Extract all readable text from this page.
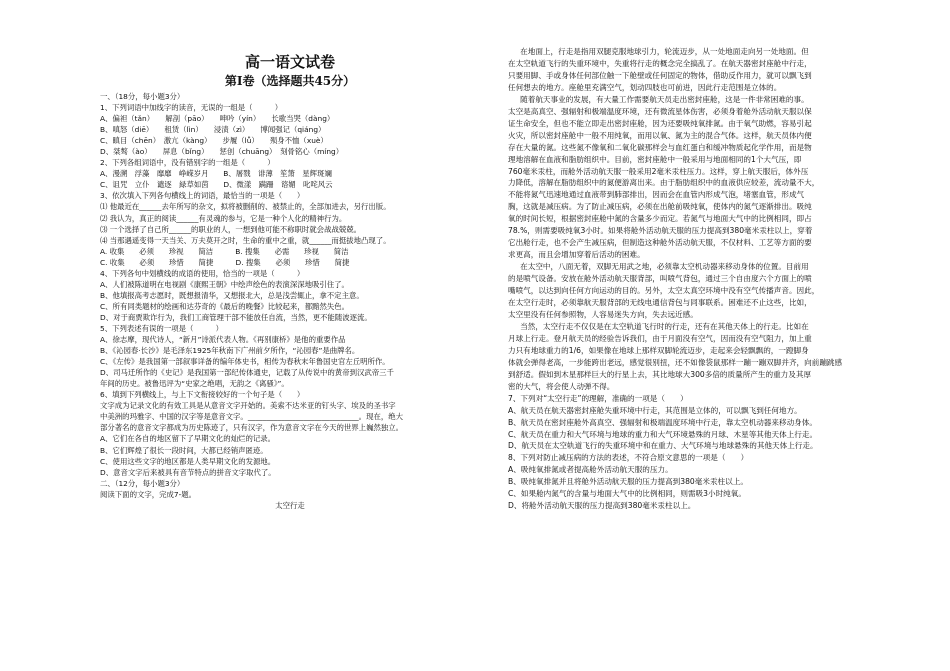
高一语文试卷

第Ⅰ卷（选择题共45分）

一、（18分，每小题3分）

1、下列词语中加线字的读音，无误的一组是（　　　）

A、偏袒（tǎn）　　解剖（pāo）　　呻吟（yín）　　长歌当哭（dàng）

B、嗔怒（diē）　　租赁（lìn）　　浸渍（zì）　　博闻强记（qiáng）

C、瞋目（chēn）　激亢（kàng）　　步履（lǚ）　　殒身不恤（xuè）

D、桀骜（ào）　　屏息（bǐng）　　惩创（chuāng）　刻骨铭心（míng）

2、下列各组词语中，没有错别字的一组是（　　　）

A、漫溯　浮藻　靡靡　峥嵘岁月　　B、屠戮　诽薄　笙箫　星辉斑斓

C、诅咒　立仆　谴逐　緑草如茵　　D、微漾　蹒跚　谘媚　叱咤风云

3、依次填入下列各句横线上的词语，最恰当的一项是（　　）

⑴ 他最近在______去年所写的杂文，拟将被删削的、被禁止的，全部加进去，另行出版。

⑵ 我认为，真正的阅读______有灵魂的参与，它是一种个人化的精神行为。

⑶ 一个选择了自己所______的职业的人，一想到他可能不称职时就会战战兢兢。

⑷ 当那遇遥变得一天当关、万夫莫开之时，生命的重中之重，就______而挺拔地凸现了。

A. 收集　　必须　　珍视　　简洁　　　B. 搜集　　必需　　珍视　　简洁

C. 收集　　必须　　珍惜　　简捷　　　D. 搜集　　必须　　珍惜　　简捷

4、下列各句中划横线的成语的使用，恰当的一项是（　　　）

A、人们被陈道明在电视剧《康熙王朝》中绘声绘色的表演深深地吸引住了。

B、他填报高考志愿时，既想报清华，又想报北大，总是浅尝辄止，拿不定主意。

C、所有同类题材的绘画和达芬奇的《最后的晚餐》比较起来，都黯然失色。

D、对于商贾欺诈行为，我们工商管理干部不能放任自流，当然，更不能随波逐流。

5、下列表述有误的一项是（　　　）

A、徐志摩，现代诗人，“新月”诗派代表人物。《再别康桥》是他的重要作品

B、《沁园春·长沙》是毛泽东1925年秋南下广州前夕所作，“沁园春”是曲牌名。

C、《左传》是我国第一部叙事详备的编年体史书，相传为春秋末年鲁国史官左丘明所作。

D、司马迁所作的《史记》是我国第一部纪传体通史，记载了从传说中的黄帝到汉武帝三千

年间的历史。被鲁迅评为“史家之绝唱，无韵之《离骚》”。

6、填到下列横线上，与上下文衔接较好的一个句子是（　　）

文字成为记录文化的有效工具是从意音文字开始的。美索不达米亚的钉头字、埃及的圣书字

中美洲的玛雅字、中国的汉字等是意音文字。______________________________。现在，绝大

部分著名的意音文字都成为历史陈迹了，只有汉字，作为意音文字在今天的世界上巍然独立。

A、它们在各自的地区留下了早期文化的灿烂的记录。

B、它们辉煌了很长一段时间，大都已经销声匿迹。

C、使用这些文字的地区都是人类早期文化的发源地。

D、意音文字后来被具有音节特点的拼音文字取代了。

二、（12分，每小题3分）

阅读下面的文字，完成7-题。

太空行走

在地面上，行走是指用双腿克服地球引力，轮流迈步，从一处地面走向另一处地面。但

在太空轨道飞行的失重环境中，失重将行走的概念完全搞乱了。在航天器密封座舱中行走，

只要用脚、手或身体任何部位触一下舱壁或任何固定的物体，借助反作用力，就可以飘飞到

任何想去的地方。座舱里充满空气，划动四肢也可前进，因此行走范围是立体的。

随着航天事业的发展，有大量工作需要航天员走出密封座舱，这是一件非常困难的事。

太空是高真空、强辐射和极端温度环境，还有微流星体伤害，必须身着舱外活动航天服以保

证生命安全，但也不能立即走出密封座舱，因为还要吸纯氧排氮。由于氧气助燃，容易引起

火灾，所以密封座舱中一般不用纯氧，而用以氧、氮为主的混合气体。这样，航天员体内便

存在大量的氮。这些氮不像氧和二氧化碳那样会与血红蛋白和缓冲物质起化学作用，而是物

理地溶解在血液和脂肪组织中。目前，密封座舱中一般采用与地面相同的1个大气压，即

760毫米汞柱，而舱外活动航天服一般采用2毫米汞柱压力。这样，穿上航天服后，体外压

力降低，溶解在脂肪组织中的氮便游离出来。由于脂肪组织中的血液供应较差，流动量不大，

不能将氮气迅速地通过血液带到肺部排出，因而会在血管内形成气泡，堵塞血管，形成气

胸，这就是减压病。为了防止减压病，必须在出舱前吸纯氧，使体内的氮气逐渐排出。吸纯

氧的时间长短，根据密封座舱中氮的含量多少而定。若氮气与地面大气中的比例相同，即占

78.%，则需要吸纯氧3小时。如果将舱外活动航天服的压力提高到380毫米汞柱以上，穿着

它出舱行走，也不会产生减压病，但制造这种舱外活动航天服，不仅材料、工艺等方面的要

求更高，而且会增加穿着后活动的困难。

在太空中，八面无着，双脚无用武之地，必须靠太空机动器来移动身体的位置。目前用

的是喷气设备。安放在舱外活动航天服背部，叫喷气背包，通过三个自由度六个方面上的喷

嘴喷气，以达到向任何方向运动的目的。另外，太空太真空环境中没有空气传播声音。因此，

在太空行走时，必须靠航天服背部的无线电通信背包与同事联系。困难还不止这些，比如，

太空里没有任何参照物，人容易迷失方向，失去远近感。

当然，太空行走不仅仅是在太空轨道飞行时的行走，还有在其他天体上的行走。比如在

月球上行走。登月航天员的经验告诉我们，由于月面没有空气，因而没有空气阻力，加上重

力只有地球重力的1/6，如果像在地球上那样双脚轮流迈步，走起来会轻飘飘的，一蹬脚身

体就会弹得老高，一步能跨出老远，感觉很别扭，还不如像袋鼠那样一蹦一蹦双脚并齐，向前蹦跳感

到舒适。假如到木星那样巨大的行星上去，其比地球大300多倍的质量所产生的重力及其厚

密的大气，将会使人动弹不得。

7、下列对“太空行走”的理解，准确的一项是（　　）

A、航天员在航天器密封座舱失重环境中行走，其范围是立体的，可以飘飞到任何地方。

B、航天员在密封座舱外高真空、强辐射和极端温度环境中行走，靠太空机动器来移动身体。

C、航天员在重力和大气环境与地球的重力和大气环境悬殊的月球、木星等其他天体上行走。

D、航天员在太空轨道飞行的失重环境中和在重力、大气环境与地球悬殊的其他天体上行走。

8、下列对防止减压病的方法的表述，不符合原文意思的一项是（　　）

A、吸纯氧排氮或者提高舱外活动航天服的压力。

B、吸纯氧排氮并且将舱外活动航天服的压力提高到380毫米汞柱以上。

C、如果舱内氮气的含量与地面大气中的比例相同，则需吸3小时纯氧。

D、将舱外活动航天服的压力提高到380毫米汞柱以上。
